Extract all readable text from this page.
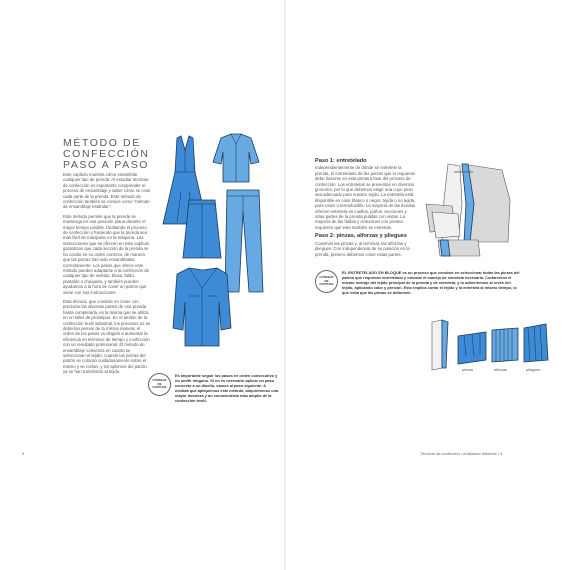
MÉTODO DE
CONFECCIÓN
PASO A PASO

Este capítulo muestra cómo ensamblar cualquier tipo de prenda. Al estudiar técnicas de confección es importante comprender el proceso de ensamblaje y saber cómo se cose cada parte de la prenda. Este método de confección también se conoce como "método de ensamblaje estándar".

Este método permite que la prenda se mantenga en una posición plana durante el mayor tiempo posible, facilitando el proceso de confección y haciendo que la prenda sea más fácil de manipular en la máquina. Las instrucciones que se ofrecen en este capítulo garantizan que cada sección de la prenda se ha cosido en su orden correcto, de manera que las piezas han sido ensambladas correctamente. Los pasos que ofrece este método pueden adaptarse a la confección de cualquier tipo de vestido, blusa, falda, pantalón o chaqueta, y también pueden ayudarnos a la hora de coser un patrón que viene con sus instrucciones.

Esta técnica, que consiste en coser con precisión las diversas partes de una prenda hasta completarla, es la misma que se utiliza en un taller de prototipos. En el ámbito de la confección textil industrial, los procesos no se deberían pensar de la misma manera; el orden de los pasos va dirigido a aumentar la eficiencia en términos de tiempo y confección con un resultado profesional. El método de ensamblaje comienza en cuanto se seleccionan el tejido, cuando las piezas del patrón se colocan cuidadosamente sobre el mismo y se cortan, y los aplomos del patrón ya se han transferido al tejido.

CONSEJO
DE
COSTURA
Es importante seguir los pasos en orden consecutivo y no omitir ninguno. Si no es necesario aplicar un paso concreto a un diseño, vamos al paso siguiente. A medida que apliquemos este método, adquiriremos una mayor destreza y un conocimiento más amplio de la confección textil.
8
Paso 1: entretelado

Independientemente de dónde se entretele la prenda, el entretelado de las piezas que lo requieran debe hacerse en esta primera fase del proceso de confección. Las entretelas se presentan en diversos grosores, por lo que debemos elegir una cuyo peso sea adecuado para nuestro tejido. La entretela está disponible en color blanco o negro, tejida o no tejida, para coser o termofusible. La mayoría de las tiendas ofrecen entretela en cuellos, puños, secciones y otras partes de la prenda pulidas con vistas. La mayoría de las faldas y cinturones con pretina requieren que este también se entretele.

Paso 2: pinzas, alforzas y pliegues

Cosemos las pinzas y, al terminar, las alforzas y pliegues. Con independencia de su posición en la prenda, primero debemos coser estas partes.

entretelado
CONSEJO
DE
COSTURA
EL ENTRETELADO EN BLOQUE es un proceso que consiste en seleccionar todas las piezas del patrón que requieran entretelado y calcular el manejo de entretela necesaria. Cortaremos el mismo metraje del tejido principal de la prenda y de entretela, y lo adheriremos al revés del tejido, aplicando calor y presión. Esto implica cortar el tejido y la entretela al mismo tiempo, lo que evita que las piezas se deformen.
pinzas	alforzas	pliegues
Técnicas de confección • Analizador diferente • 9
